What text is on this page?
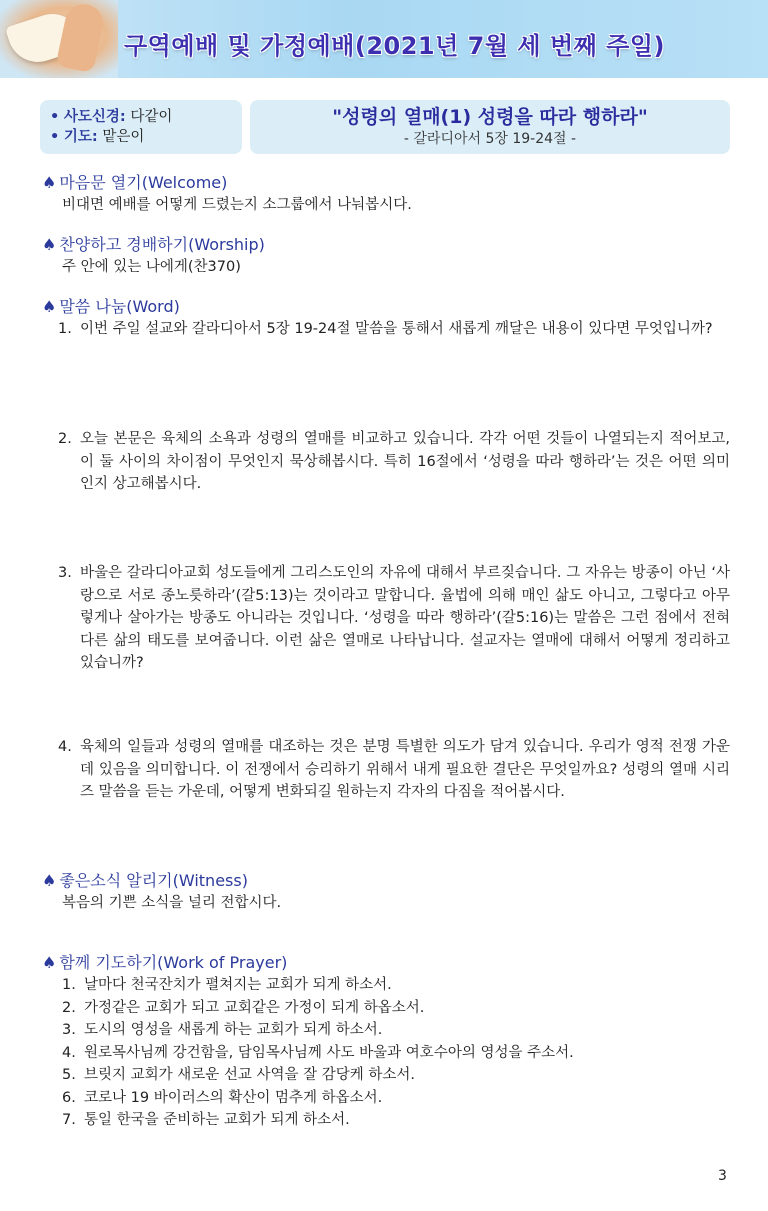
구역예배 및 가정예배(2021년 7월 세 번째 주일)
• 사도신경: 다같이
• 기도: 맡은이
"성령의 열매(1) 성령을 따라 행하라"
- 갈라디아서 5장 19-24절 -
♠ 마음문 열기(Welcome)
비대면 예배를 어떻게 드렸는지 소그룹에서 나눠봅시다.
♠ 찬양하고 경배하기(Worship)
주 안에 있는 나에게(찬370)
♠ 말씀 나눔(Word)
1. 이번 주일 설교와 갈라디아서 5장 19-24절 말씀을 통해서 새롭게 깨달은 내용이 있다면 무엇입니까?
2. 오늘 본문은 육체의 소욕과 성령의 열매를 비교하고 있습니다. 각각 어떤 것들이 나열되는지 적어보고, 이 둘 사이의 차이점이 무엇인지 묵상해봅시다. 특히 16절에서 ‘성령을 따라 행하라’는 것은 어떤 의미인지 상고해봅시다.
3. 바울은 갈라디아교회 성도들에게 그리스도인의 자유에 대해서 부르짖습니다. 그 자유는 방종이 아닌 ‘사랑으로 서로 종노릇하라’(갈5:13)는 것이라고 말합니다. 율법에 의해 매인 삶도 아니고, 그렇다고 아무렇게나 살아가는 방종도 아니라는 것입니다. ‘성령을 따라 행하라’(갈5:16)는 말씀은 그런 점에서 전혀 다른 삶의 태도를 보여줍니다. 이런 삶은 열매로 나타납니다. 설교자는 열매에 대해서 어떻게 정리하고 있습니까?
4. 육체의 일들과 성령의 열매를 대조하는 것은 분명 특별한 의도가 담겨 있습니다. 우리가 영적 전쟁 가운데 있음을 의미합니다. 이 전쟁에서 승리하기 위해서 내게 필요한 결단은 무엇일까요? 성령의 열매 시리즈 말씀을 듣는 가운데, 어떻게 변화되길 원하는지 각자의 다짐을 적어봅시다.
♠ 좋은소식 알리기(Witness)
복음의 기쁜 소식을 널리 전합시다.
♠ 함께 기도하기(Work of Prayer)
1. 날마다 천국잔치가 펼쳐지는 교회가 되게 하소서.
2. 가정같은 교회가 되고 교회같은 가정이 되게 하옵소서.
3. 도시의 영성을 새롭게 하는 교회가 되게 하소서.
4. 원로목사님께 강건함을, 담임목사님께 사도 바울과 여호수아의 영성을 주소서.
5. 브릿지 교회가 새로운 선교 사역을 잘 감당케 하소서.
6. 코로나 19 바이러스의 확산이 멈추게 하옵소서.
7. 통일 한국을 준비하는 교회가 되게 하소서.
3
